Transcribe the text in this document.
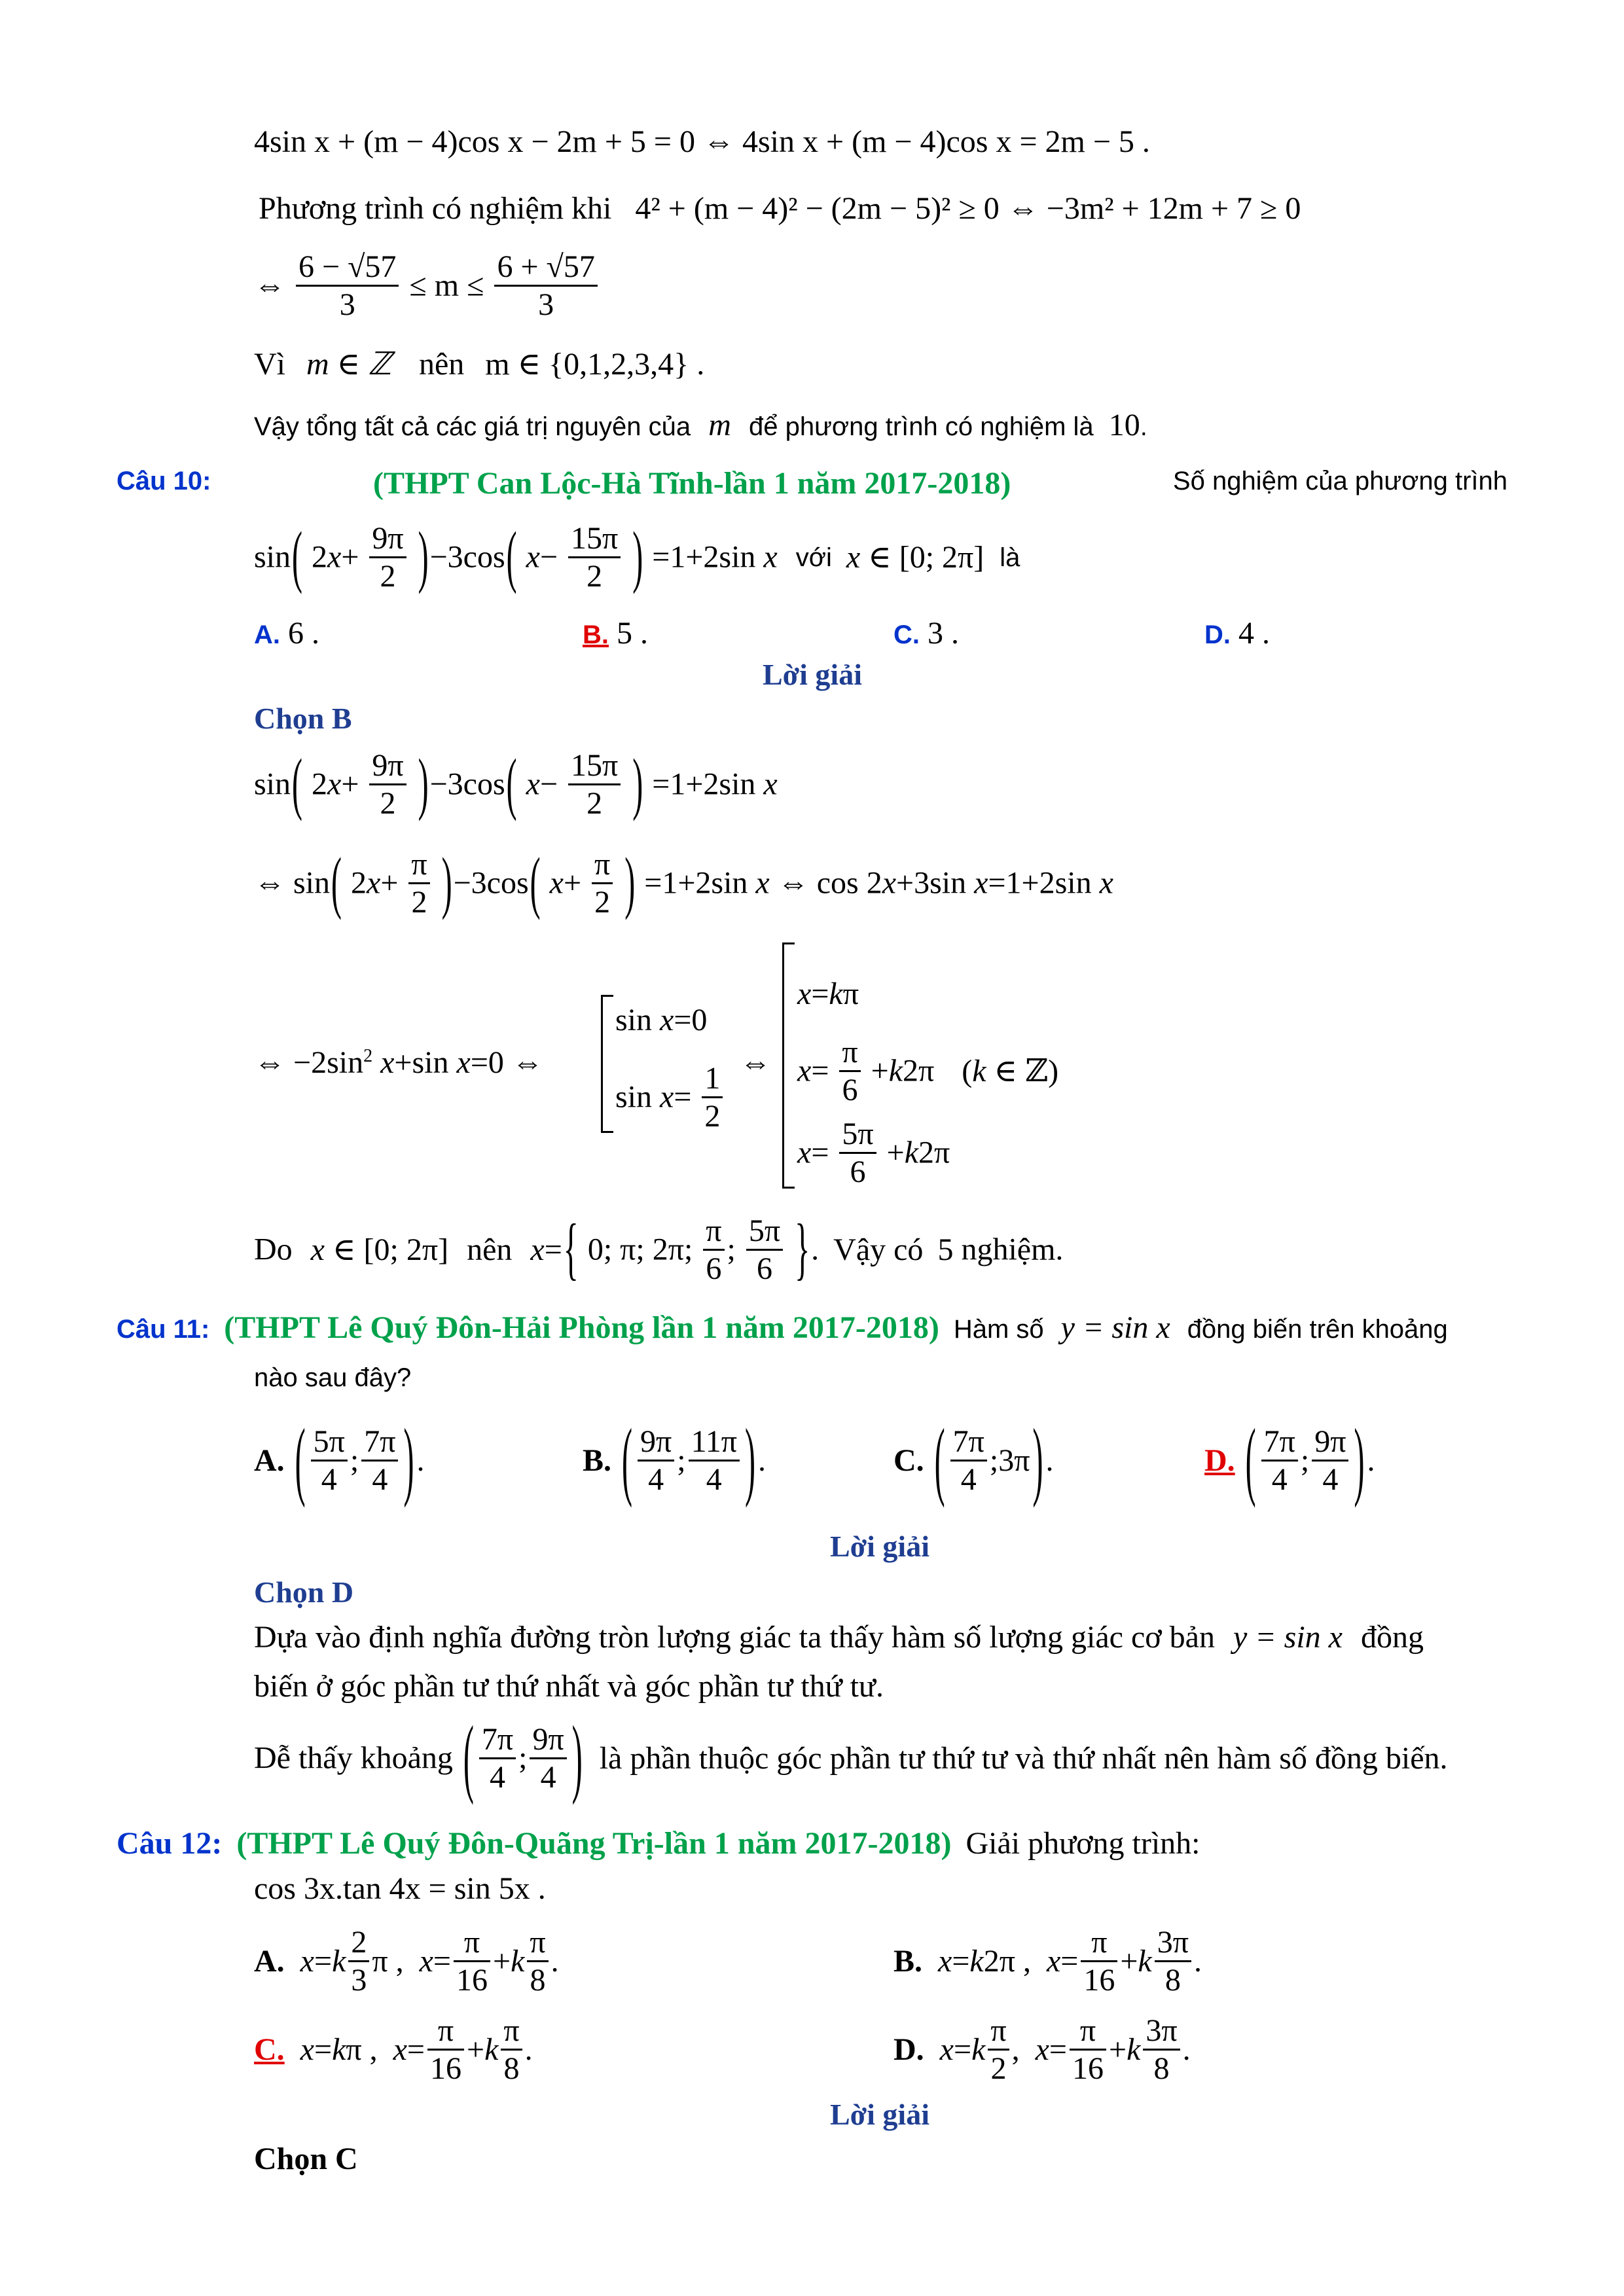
4sin x + (m − 4)cos x − 2m + 5 = 0 ⇔ 4sin x + (m − 4)cos x = 2m − 5 .
Phương trình có nghiệm khi 4² + (m − 4)² − (2m − 5)² ≥ 0 ⇔ −3m² + 12m + 7 ≥ 0
⇔ $\frac{6 - √57}{3} \le m \le \frac{6 + √57}{3}$
Vì m ∈ ℤ nên m ∈ {0,1,2,3,4} .
Vậy tổng tất cả các giá trị nguyên của m để phương trình có nghiệm là 10.
Câu 10:	(THPT Can Lộc-Hà Tĩnh-lần 1 năm 2017-2018)	Số nghiệm của phương trình
sin( $2x+ \frac{9\pi}{2} )-3\cos$( $x- \frac{15\pi}{2}$ ) =1+2sin x với x ∈ [0; 2π] là
A. 6 .	B. 5 .	C. 3 .	D. 4 .
Lời giải
Chọn B
sin( $2x+ \frac{9\pi}{2} )-3\cos$( $x- \frac{15\pi}{2}$ ) =1+2sin x
⇔ sin( $2x+ \frac{\pi}{2} )-3\cos$( $x+ \frac{\pi}{2}$ ) =1+2sin x ⇔ cos 2x+3sin x=1+2sin x
⇔ $-2\sin^2$ x+sin x=0 ⇔
sin x=0
$\sin x= \frac{1}{2}$ ⇔
x=kπ
$x= \frac{\pi}{6} +k2\pi$ (k ∈ ℤ)
$x= \frac{5\pi}{6} +k2\pi$
Do x ∈ [0; 2π] nên x={ 0; π; 2π; $\frac{\pi}{6}$ ; $\frac{5\pi}{6}$ }. Vậy có 5 nghiệm.
Câu 11: (THPT Lê Quý Đôn-Hải Phòng lần 1 năm 2017-2018) Hàm số y = sin x đồng biến trên khoảng
nào sau đây?
A. ( $\frac{5\pi}{4}$ ; $\frac{7\pi}{4}$ ).	B. ( $\frac{9\pi}{4}$ ; $\frac{11\pi}{4}$ ).	C. ( $\frac{7\pi}{4}$ ;3π).	D. ( $\frac{7\pi}{4}$ ; $\frac{9\pi}{4}$ ).
Lời giải
Chọn D
Dựa vào định nghĩa đường tròn lượng giác ta thấy hàm số lượng giác cơ bản y = sin x đồng
biến ở góc phần tư thứ nhất và góc phần tư thứ tư.
Dễ thấy khoảng ( $\frac{7\pi}{4}$ ; $\frac{9\pi}{4}$ ) là phần thuộc góc phần tư thứ tư và thứ nhất nên hàm số đồng biến.
Câu 12: (THPT Lê Quý Đôn-Quãng Trị-lần 1 năm 2017-2018) Giải phương trình:
cos 3x.tan 4x = sin 5x .
A. $x=k \frac{2}{3}$ π ,  $x= \frac{\pi}{16} +k \frac{\pi}{8}$ .	B. x=k2π ,  $x= \frac{\pi}{16} +k \frac{3\pi}{8}$ .
C. x=kπ ,  $x= \frac{\pi}{16} +k \frac{\pi}{8}$ .	D. $x=k \frac{\pi}{2}$ ,  $x= \frac{\pi}{16} +k \frac{3\pi}{8}$ .
Lời giải
Chọn C
